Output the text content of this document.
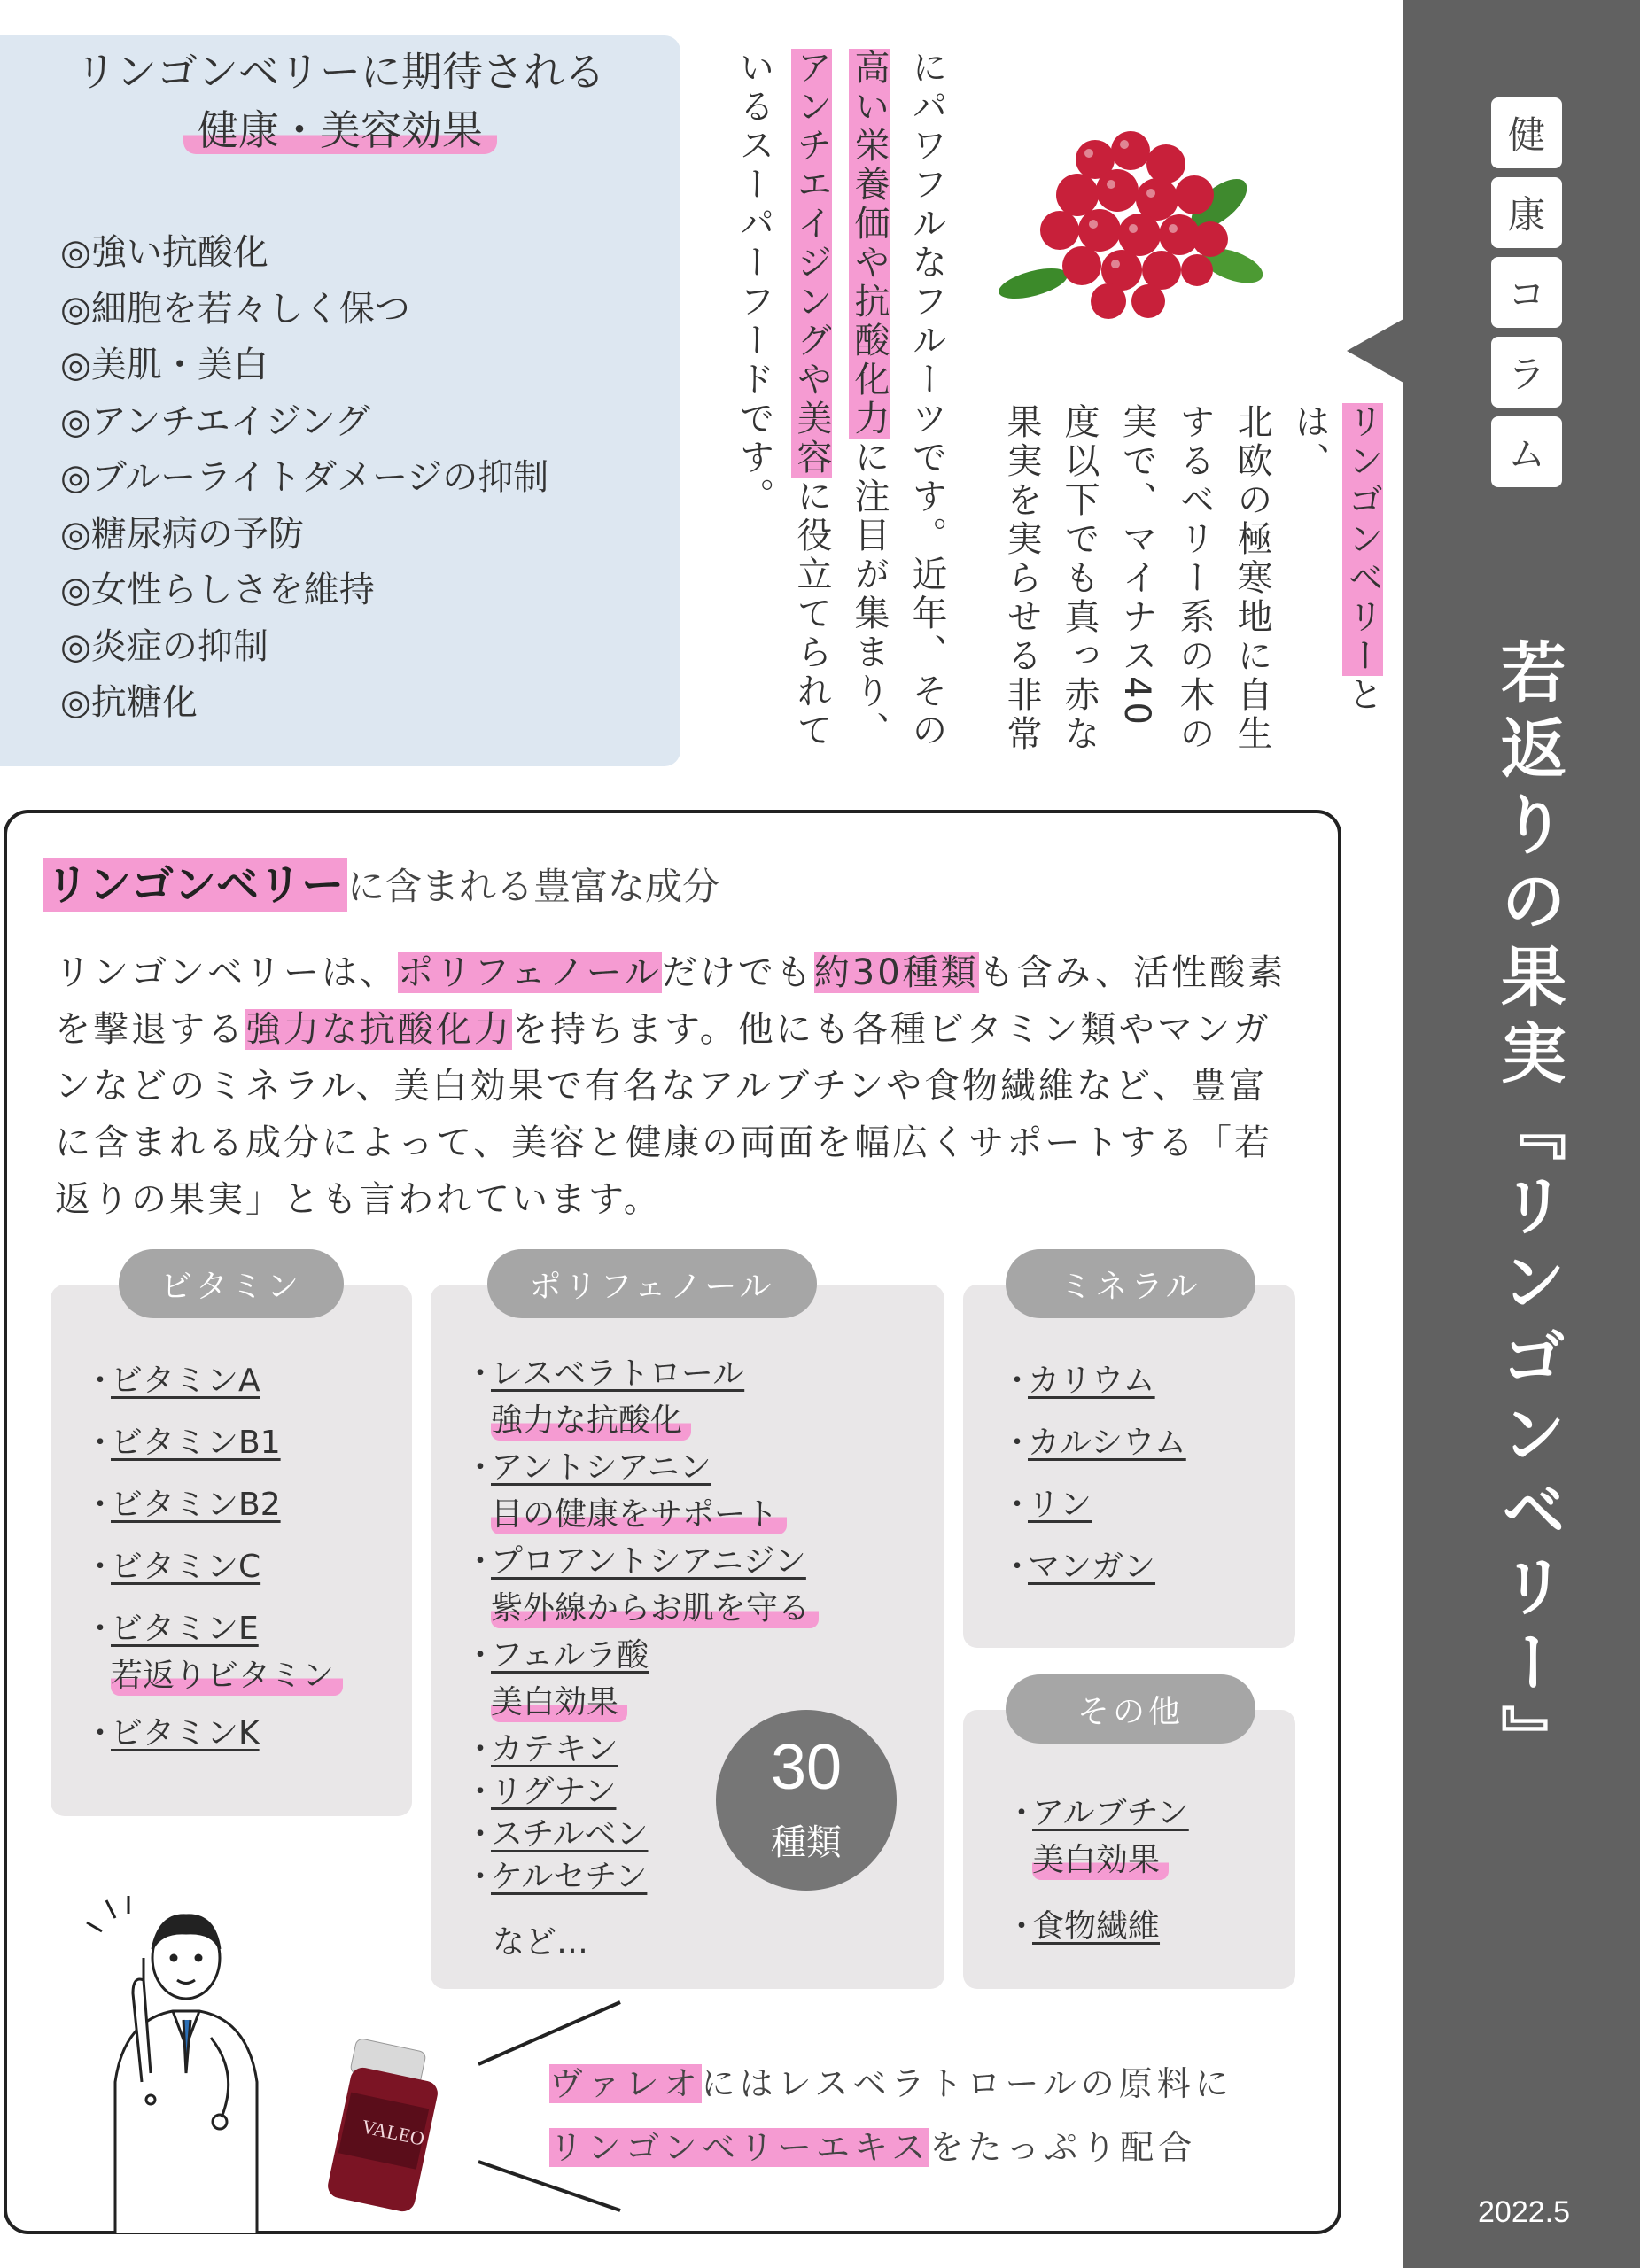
健
康
コ
ラ
ム
若返りの果実『リンゴンベリー』
2022.5
リンゴンベリーに期待される
健康・美容効果
◎強い抗酸化
◎細胞を若々しく保つ
◎美肌・美白
◎アンチエイジング
◎ブルーライトダメージの抑制
◎糖尿病の予防
◎女性らしさを維持
◎炎症の抑制
◎抗糖化
リンゴンベリーとは、
北欧の極寒地に自生
するベリー系の木の
実で、マイナス40
度以下でも真っ赤な
果実を実らせる非常
にパワフルなフルーツです。近年、その
高い栄養価や抗酸化力に注目が集まり、
アンチエイジングや美容に役立てられて
いるスーパーフードです。
リンゴンベリーに含まれる豊富な成分
リンゴンベリーは、ポリフェノールだけでも約30種類も含み、活性酸素を撃退する強力な抗酸化力を持ちます。他にも各種ビタミン類やマンガンなどのミネラル、美白効果で有名なアルブチンや食物繊維など、豊富に含まれる成分によって、美容と健康の両面を幅広くサポートする「若返りの果実」とも言われています。
ビタミン
・ ビタミンA
・ ビタミンB1
・ ビタミンB2
・ ビタミンC
・ ビタミンE
若返りビタミン
・ ビタミンK
ポリフェノール
・ レスベラトロール
強力な抗酸化
・ アントシアニン
目の健康をサポート
・ プロアントシアニジン
紫外線からお肌を守る
・ フェルラ酸
美白効果
・ カテキン
・ リグナン
・ スチルベン
・ ケルセチン
など…
30
種類
ミネラル
・ カリウム
・ カルシウム
・ リン
・ マンガン
その他
・ アルブチン
美白効果
・ 食物繊維
VALEO
ヴァレオにはレスベラトロールの原料に
リンゴンベリーエキスをたっぷり配合
